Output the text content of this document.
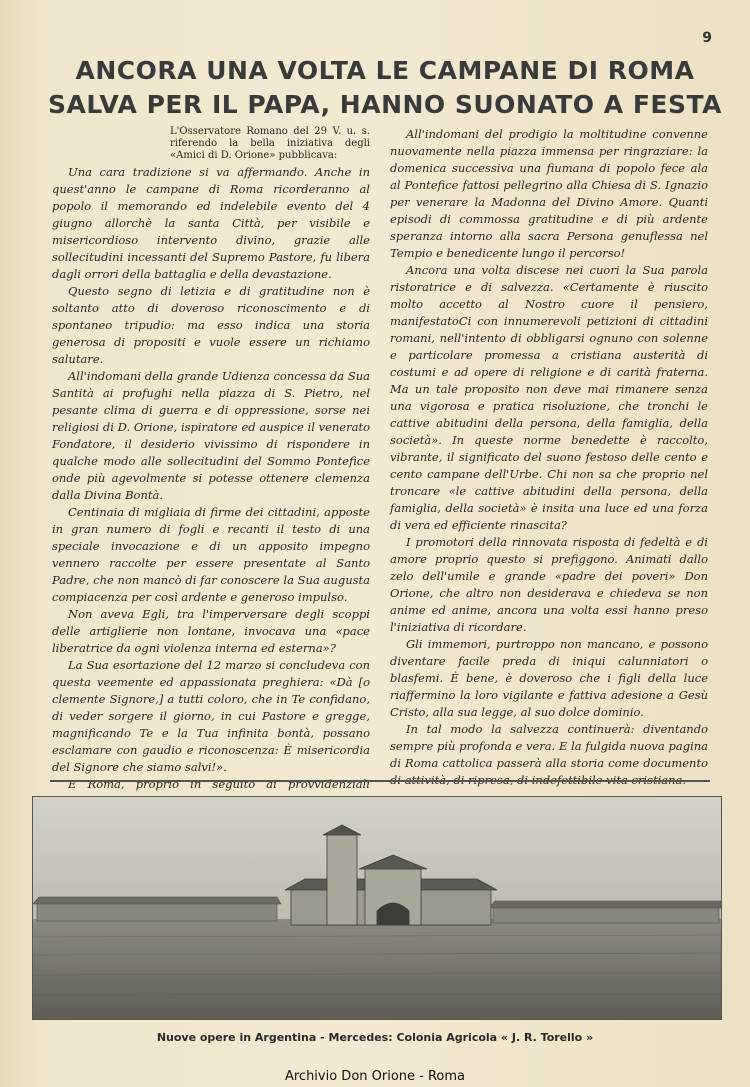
9
ANCORA UNA VOLTA LE CAMPANE DI ROMA
SALVA PER IL PAPA, HANNO SUONATO A FESTA

L'Osservatore Romano del 29 V. u. s. riferendo la bella iniziativa degli «Amici di D. Orione» pubblicava:

Una cara tradizione si va affermando. Anche in quest'anno le campane di Roma ricorderanno al popolo il memorando ed indelebile evento del 4 giugno allorchè la santa Città, per visibile e misericordioso intervento divino, grazie alle sollecitudini incessanti del Supremo Pastore, fu libera dagli orrori della battaglia e della devastazione.

Questo segno di letizia e di gratitudine non è soltanto atto di doveroso riconoscimento e di spontaneo tripudio: ma esso indica una storia generosa di propositi e vuole essere un richiamo salutare.

All'indomani della grande Udienza concessa da Sua Santità ai profughi nella piazza di S. Pietro, nel pesante clima di guerra e di oppressione, sorse nei religiosi di D. Orione, ispiratore ed auspice il venerato Fondatore, il desiderio vivissimo di rispondere in qualche modo alle sollecitudini del Sommo Pontefice onde più agevolmente si potesse ottenere clemenza dalla Divina Bontà.

Centinaia di migliaia di firme dei cittadini, apposte in gran numero di fogli e recanti il testo di una speciale invocazione e di un apposito impegno vennero raccolte per essere presentate al Santo Padre, che non mancò di far conoscere la Sua augusta compiacenza per così ardente e generoso impulso.

Non aveva Egli, tra l'imperversare degli scoppi delle artiglierie non lontane, invocava una «pace liberatrice da ogni violenza interna ed esterna»?

La Sua esortazione del 12 marzo si concludeva con questa veemente ed appassionata preghiera: «Dà [o clemente Signore,] a tutti coloro, che in Te confidano, di veder sorgere il giorno, in cui Pastore e gregge, magnificando Te e la Tua infinita bontà, possano esclamare con gaudio e riconoscenza: È misericordia del Signore che siamo salvi!».

E Roma, proprio in seguito ai provvidenziali

All'indomani del prodigio la moltitudine convenne nuovamente nella piazza immensa per ringraziare: la domenica successiva una fiumana di popolo fece ala al Pontefice fattosi pellegrino alla Chiesa di S. Ignazio per venerare la Madonna del Divino Amore. Quanti episodi di commossa gratitudine e di più ardente speranza intorno alla sacra Persona genuflessa nel Tempio e benedicente lungo il percorso!

Ancora una volta discese nei cuori la Sua parola ristoratrice e di salvezza. «Certamente è riuscito molto accetto al Nostro cuore il pensiero, manifestatoCi con innumerevoli petizioni di cittadini romani, nell'intento di obbligarsi ognuno con solenne e particolare promessa a cristiana austerità di costumi e ad opere di religione e di carità fraterna. Ma un tale proposito non deve mai rimanere senza una vigorosa e pratica risoluzione, che tronchi le cattive abitudini della persona, della famiglia, della società». In queste norme benedette è raccolto, vibrante, il significato del suono festoso delle cento e cento campane dell'Urbe. Chi non sa che proprio nel troncare «le cattive abitudini della persona, della famiglia, della società» è insita una luce ed una forza di vera ed efficiente rinascita?

I promotori della rinnovata risposta di fedeltà e di amore proprio questo si prefiggono. Animati dallo zelo dell'umile e grande «padre dei poveri» Don Orione, che altro non desiderava e chiedeva se non anime ed anime, ancora una volta essi hanno preso l'iniziativa di ricordare.

Gli immemori, purtroppo non mancano, e possono diventare facile preda di iniqui calunniatori o blasfemi. È bene, è doveroso che i figli della luce riaffermino la loro vigilante e fattiva adesione a Gesù Cristo, alla sua legge, al suo dolce dominio.

In tal modo la salvezza continuerà: diventando sempre più profonda e vera. E la fulgida nuova pagina di Roma cattolica passerà alla storia come documento di attività, di ripresa, di indefettibile vita cristiana.

Nuove opere in Argentina - Mercedes: Colonia Agricola « J. R. Torello »
Archivio Don Orione - Roma
